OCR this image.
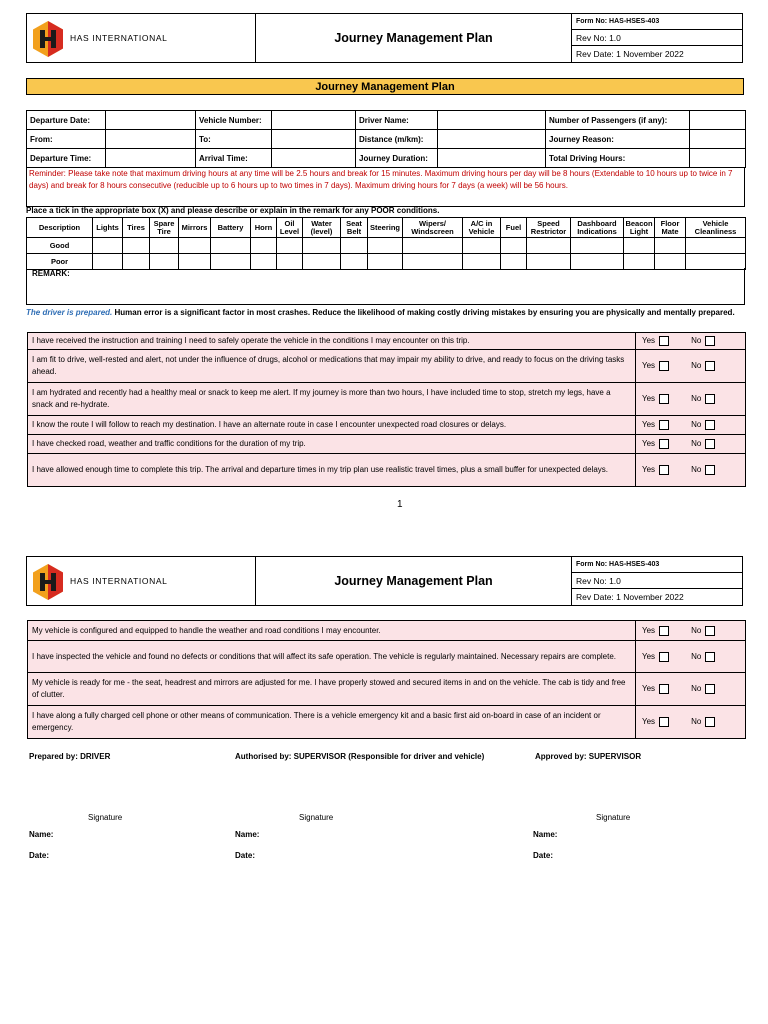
HAS INTERNATIONAL	Journey Management Plan
Form No: HAS-HSES-403
Rev No: 1.0
Rev Date: 1 November 2022
Journey Management Plan
Departure Date:		Vehicle Number:		Driver Name:		Number of Passengers (if any):	
From:		To:		Distance (m/km):		Journey Reason:	
Departure Time:		Arrival Time:		Journey Duration:		Total Driving Hours:	
Reminder: Please take note that maximum driving hours at any time will be 2.5 hours and break for 15 minutes. Maximum driving hours per day will be 8 hours (Extendable to 10 hours up to twice in 7 days) and break for 8 hours consecutive (reducible up to 6 hours up to two times in 7 days). Maximum driving hours for 7 days (a week) will be 56 hours.
Place a tick in the appropriate box (X) and please describe or explain in the remark for any POOR conditions.
Description	Lights	Tires	Spare Tire	Mirrors	Battery	Horn	Oil Level	Water (level)	Seat Belt	Steering	Wipers/ Windscreen	A/C in Vehicle	Fuel	Speed Restrictor	Dashboard Indications	Beacon Light	Floor Mate	Vehicle Cleanliness
Good																		
Poor																		
REMARK:
The driver is prepared. Human error is a significant factor in most crashes. Reduce the likelihood of making costly driving mistakes by ensuring you are physically and mentally prepared.
I have received the instruction and training I need to safely operate the vehicle in the conditions I may encounter on this trip.	Yes No

I am fit to drive, well-rested and alert, not under the influence of drugs, alcohol or medications that may impair my ability to drive, and ready to focus on the driving tasks ahead.	Yes No

I am hydrated and recently had a healthy meal or snack to keep me alert. If my journey is more than two hours, I have included time to stop, stretch my legs, have a snack and re-hydrate.	Yes No

I know the route I will follow to reach my destination. I have an alternate route in case I encounter unexpected road closures or delays.	Yes No

I have checked road, weather and traffic conditions for the duration of my trip.	Yes No

I have allowed enough time to complete this trip. The arrival and departure times in my trip plan use realistic travel times, plus a small buffer for unexpected delays.	Yes No
1
HAS INTERNATIONAL	Journey Management Plan
Form No: HAS-HSES-403
Rev No: 1.0
Rev Date: 1 November 2022
My vehicle is configured and equipped to handle the weather and road conditions I may encounter.	Yes No

I have inspected the vehicle and found no defects or conditions that will affect its safe operation. The vehicle is regularly maintained. Necessary repairs are complete.	Yes No

My vehicle is ready for me - the seat, headrest and mirrors are adjusted for me. I have properly stowed and secured items in and on the vehicle. The cab is tidy and free of clutter.	Yes No

I have along a fully charged cell phone or other means of communication. There is a vehicle emergency kit and a basic first aid on-board in case of an incident or emergency.	Yes No
Prepared by: DRIVER	Authorised by: SUPERVISOR (Responsible for driver and vehicle)	Approved by: SUPERVISOR
Signature	Signature	Signature
Name:	Name:	Name:
Date:	Date:	Date:
